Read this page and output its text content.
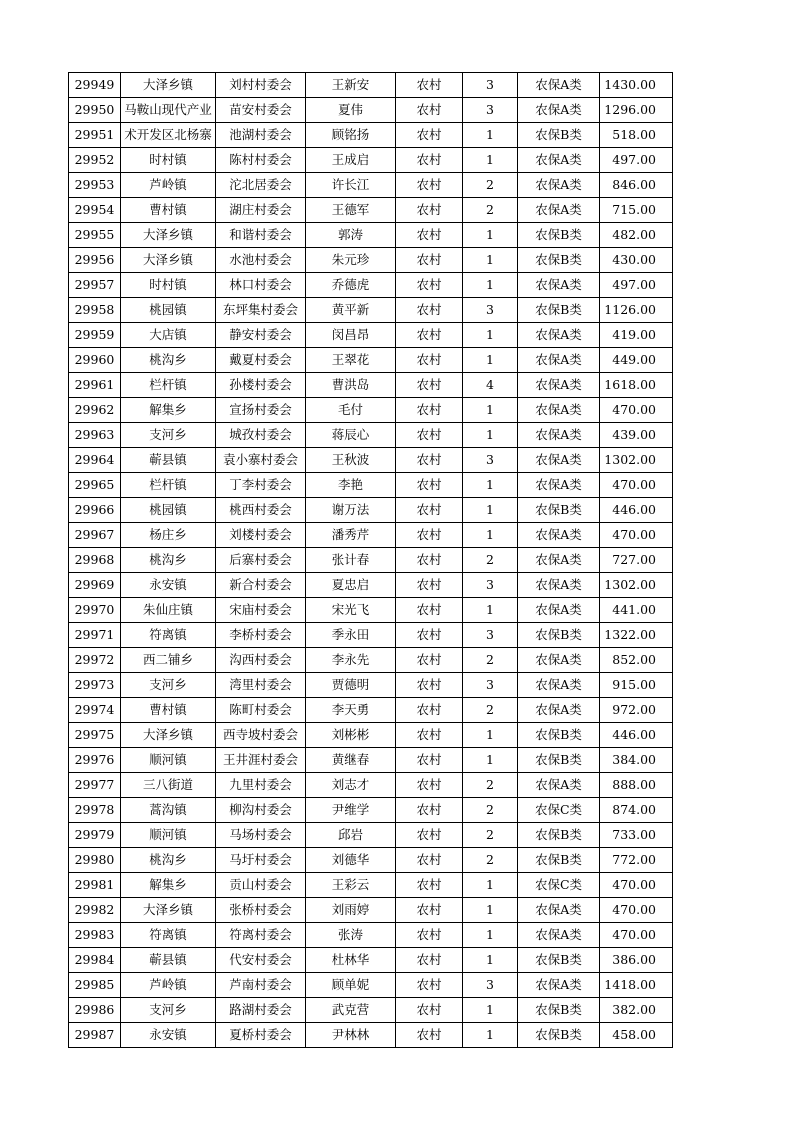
29949	大泽乡镇	刘村村委会	王新安	农村	3	农保A类	1430.00
29950	马鞍山现代产业	苗安村委会	夏伟	农村	3	农保A类	1296.00
29951	术开发区北杨寨	池湖村委会	顾铭扬	农村	1	农保B类	518.00
29952	时村镇	陈村村委会	王成启	农村	1	农保A类	497.00
29953	芦岭镇	沱北居委会	许长江	农村	2	农保A类	846.00
29954	曹村镇	湖庄村委会	王德军	农村	2	农保A类	715.00
29955	大泽乡镇	和谐村委会	郭涛	农村	1	农保B类	482.00
29956	大泽乡镇	水池村委会	朱元珍	农村	1	农保B类	430.00
29957	时村镇	林口村委会	乔德虎	农村	1	农保A类	497.00
29958	桃园镇	东坪集村委会	黄平新	农村	3	农保B类	1126.00
29959	大店镇	静安村委会	闵昌昂	农村	1	农保A类	419.00
29960	桃沟乡	戴夏村委会	王翠花	农村	1	农保A类	449.00
29961	栏杆镇	孙楼村委会	曹洪岛	农村	4	农保A类	1618.00
29962	解集乡	宣扬村委会	毛付	农村	1	农保A类	470.00
29963	支河乡	城孜村委会	蒋辰心	农村	1	农保A类	439.00
29964	蕲县镇	袁小寨村委会	王秋波	农村	3	农保A类	1302.00
29965	栏杆镇	丁李村委会	李艳	农村	1	农保A类	470.00
29966	桃园镇	桃西村委会	谢万法	农村	1	农保B类	446.00
29967	杨庄乡	刘楼村委会	潘秀芹	农村	1	农保A类	470.00
29968	桃沟乡	后寨村委会	张计春	农村	2	农保A类	727.00
29969	永安镇	新合村委会	夏忠启	农村	3	农保A类	1302.00
29970	朱仙庄镇	宋庙村委会	宋光飞	农村	1	农保A类	441.00
29971	符离镇	李桥村委会	季永田	农村	3	农保B类	1322.00
29972	西二铺乡	沟西村委会	李永先	农村	2	农保A类	852.00
29973	支河乡	湾里村委会	贾德明	农村	3	农保A类	915.00
29974	曹村镇	陈町村委会	李天勇	农村	2	农保A类	972.00
29975	大泽乡镇	西寺坡村委会	刘彬彬	农村	1	农保B类	446.00
29976	顺河镇	王井涯村委会	黄继春	农村	1	农保B类	384.00
29977	三八街道	九里村委会	刘志才	农村	2	农保A类	888.00
29978	蒿沟镇	柳沟村委会	尹维学	农村	2	农保C类	874.00
29979	顺河镇	马场村委会	邱岩	农村	2	农保B类	733.00
29980	桃沟乡	马圩村委会	刘德华	农村	2	农保B类	772.00
29981	解集乡	贡山村委会	王彩云	农村	1	农保C类	470.00
29982	大泽乡镇	张桥村委会	刘雨婷	农村	1	农保A类	470.00
29983	符离镇	符离村委会	张涛	农村	1	农保A类	470.00
29984	蕲县镇	代安村委会	杜林华	农村	1	农保B类	386.00
29985	芦岭镇	芦南村委会	顾单妮	农村	3	农保A类	1418.00
29986	支河乡	路湖村委会	武克营	农村	1	农保B类	382.00
29987	永安镇	夏桥村委会	尹林林	农村	1	农保B类	458.00
